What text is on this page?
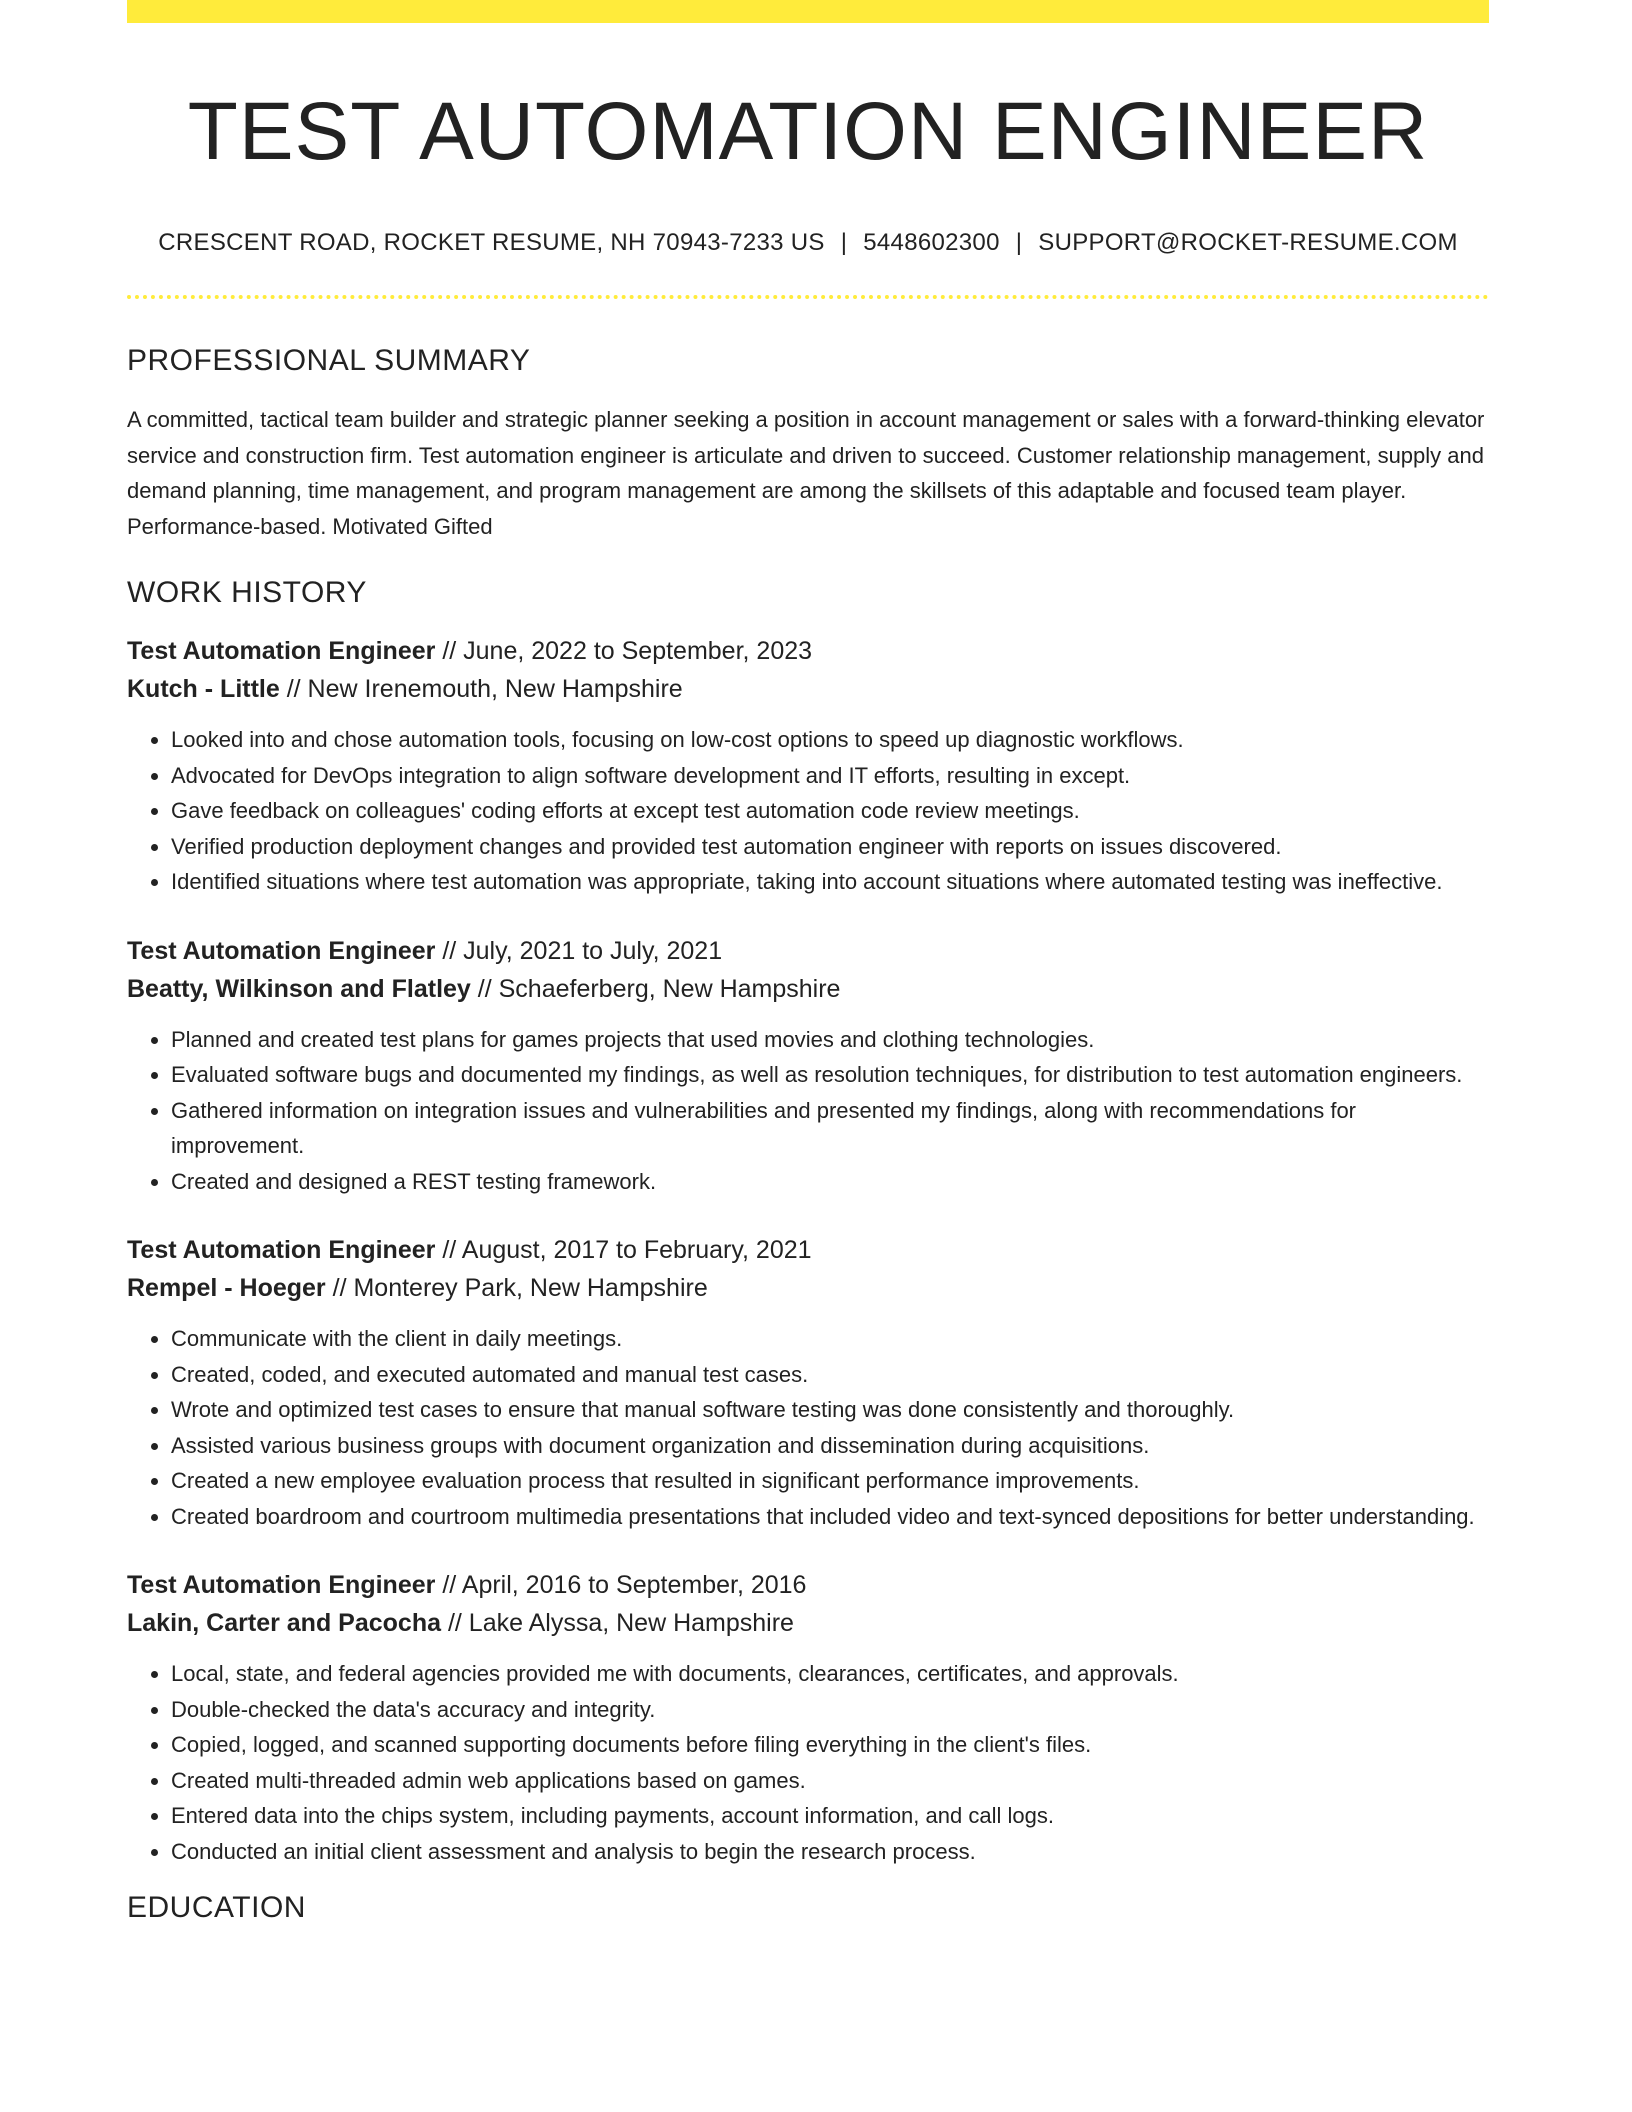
TEST AUTOMATION ENGINEER
CRESCENT ROAD, ROCKET RESUME, NH 70943-7233 US | 5448602300 | SUPPORT@ROCKET-RESUME.COM
PROFESSIONAL SUMMARY

A committed, tactical team builder and strategic planner seeking a position in account management or sales with a forward-thinking elevator service and construction firm. Test automation engineer is articulate and driven to succeed. Customer relationship management, supply and demand planning, time management, and program management are among the skillsets of this adaptable and focused team player. Performance-based. Motivated Gifted

WORK HISTORY
Test Automation Engineer // June, 2022 to September, 2023
Kutch - Little // New Irenemouth, New Hampshire
• Looked into and chose automation tools, focusing on low-cost options to speed up diagnostic workflows.
• Advocated for DevOps integration to align software development and IT efforts, resulting in except.
• Gave feedback on colleagues' coding efforts at except test automation code review meetings.
• Verified production deployment changes and provided test automation engineer with reports on issues discovered.
• Identified situations where test automation was appropriate, taking into account situations where automated testing was ineffective.
Test Automation Engineer // July, 2021 to July, 2021
Beatty, Wilkinson and Flatley // Schaeferberg, New Hampshire
• Planned and created test plans for games projects that used movies and clothing technologies.
• Evaluated software bugs and documented my findings, as well as resolution techniques, for distribution to test automation engineers.
• Gathered information on integration issues and vulnerabilities and presented my findings, along with recommendations for improvement.
• Created and designed a REST testing framework.
Test Automation Engineer // August, 2017 to February, 2021
Rempel - Hoeger // Monterey Park, New Hampshire
• Communicate with the client in daily meetings.
• Created, coded, and executed automated and manual test cases.
• Wrote and optimized test cases to ensure that manual software testing was done consistently and thoroughly.
• Assisted various business groups with document organization and dissemination during acquisitions.
• Created a new employee evaluation process that resulted in significant performance improvements.
• Created boardroom and courtroom multimedia presentations that included video and text-synced depositions for better understanding.
Test Automation Engineer // April, 2016 to September, 2016
Lakin, Carter and Pacocha // Lake Alyssa, New Hampshire
• Local, state, and federal agencies provided me with documents, clearances, certificates, and approvals.
• Double-checked the data's accuracy and integrity.
• Copied, logged, and scanned supporting documents before filing everything in the client's files.
• Created multi-threaded admin web applications based on games.
• Entered data into the chips system, including payments, account information, and call logs.
• Conducted an initial client assessment and analysis to begin the research process.
EDUCATION
